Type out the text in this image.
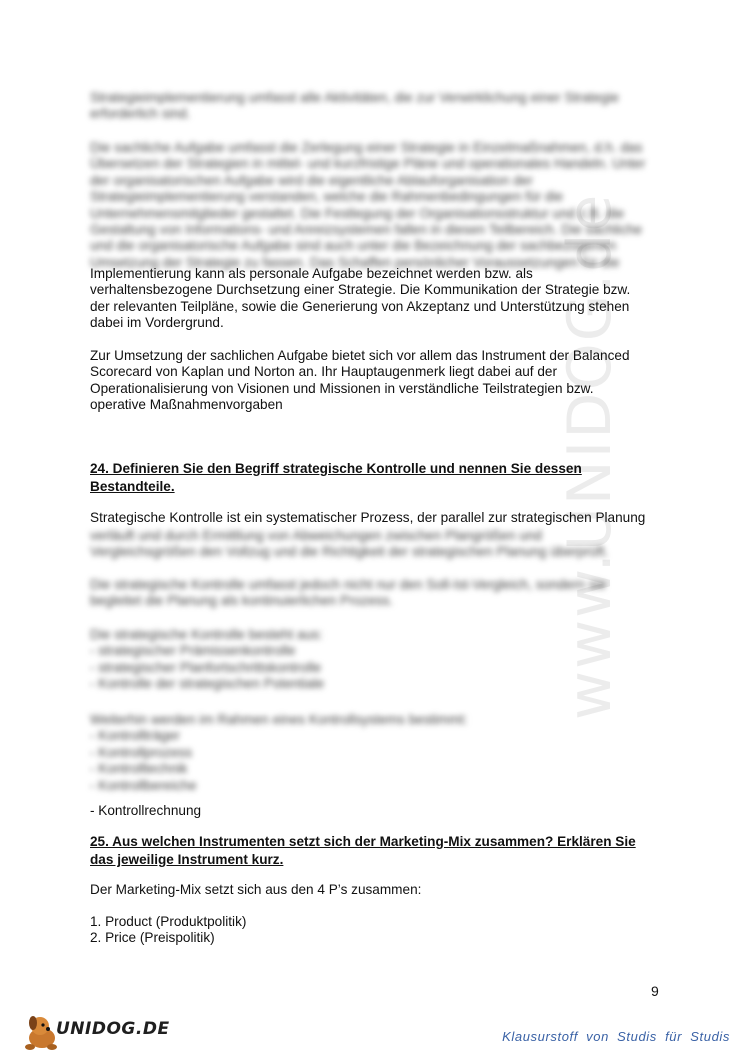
www.UNIDOG.de
Strategieimplementierung umfasst alle Aktivitäten, die zur Verwirklichung einer Strategie
erforderlich sind.
Die sachliche Aufgabe umfasst die Zerlegung einer Strategie in Einzelmaßnahmen, d.h. das
Übersetzen der Strategien in mittel- und kurzfristige Pläne und operationales Handeln. Unter
der organisatorischen Aufgabe wird die eigentliche Ablauforganisation der
Strategieimplementierung verstanden, welche die Rahmenbedingungen für die
Unternehmensmitglieder gestaltet. Die Festlegung der Organisationsstruktur und z.B. die
Gestaltung von Informations- und Anreizsystemen fallen in diesen Teilbereich. Die sachliche
und die organisatorische Aufgabe sind auch unter die Bezeichnung der sachbezogenen
Umsetzung der Strategie zu fassen. Das Schaffen persönlicher Voraussetzungen für die
Implementierung kann als personale Aufgabe bezeichnet werden bzw. als
verhaltensbezogene Durchsetzung einer Strategie. Die Kommunikation der Strategie bzw.
der relevanten Teilpläne, sowie die Generierung von Akzeptanz und Unterstützung stehen
dabei im Vordergrund.
Zur Umsetzung der sachlichen Aufgabe bietet sich vor allem das Instrument der Balanced
Scorecard von Kaplan und Norton an. Ihr Hauptaugenmerk liegt dabei auf der
Operationalisierung von Visionen und Missionen in verständliche Teilstrategien bzw.
operative Maßnahmenvorgaben
24. Definieren Sie den Begriff strategische Kontrolle und nennen Sie dessen
Bestandteile.
Strategische Kontrolle ist ein systematischer Prozess, der parallel zur strategischen Planung
verläuft und durch Ermittlung von Abweichungen zwischen Plangrößen und
Vergleichsgrößen den Vollzug und die Richtigkeit der strategischen Planung überprüft.
Die strategische Kontrolle umfasst jedoch nicht nur den Soll-Ist-Vergleich, sondern sie
begleitet die Planung als kontinuierlichen Prozess.
Die strategische Kontrolle besteht aus:
- strategischer Prämissenkontrolle
- strategischer Planfortschrittskontrolle
- Kontrolle der strategischen Potentiale
Weiterhin werden im Rahmen eines Kontrollsystems bestimmt:
- Kontrollträger
- Kontrollprozess
- Kontrolltechnik
- Kontrollbereiche
- Kontrollrechnung
25. Aus welchen Instrumenten setzt sich der Marketing-Mix zusammen? Erklären Sie
das jeweilige Instrument kurz.
Der Marketing-Mix setzt sich aus den 4 P’s zusammen:
1. Product (Produktpolitik)
2. Price (Preispolitik)
9
UNIDOG.DE	Klausurstoff von Studis für Studis
